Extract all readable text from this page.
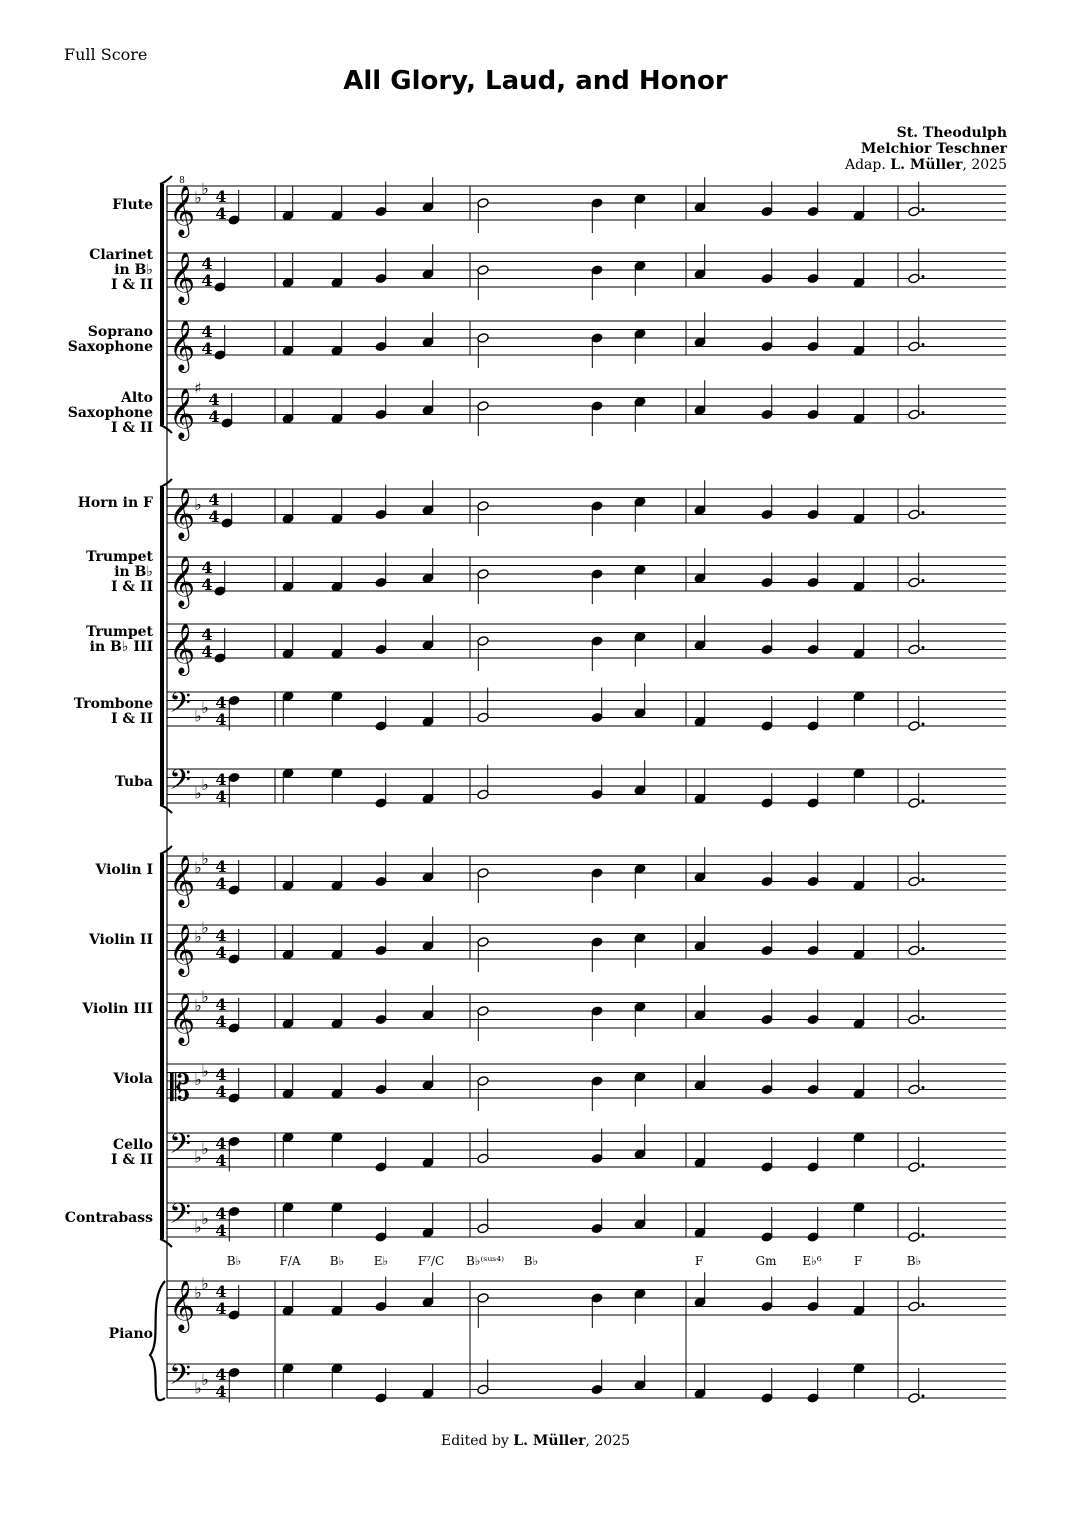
Full Score
All Glory, Laud, and Honor
St. Theodulph
Melchior Teschner
Adap. L. Müller, 2025
𝄞
8
♭ ♭ 4
4
𝄞 4
4
𝄞 4
4
𝄞 ♯
4
4
𝄞 ♭ 4
4
𝄞 4
4
𝄞 4
4
𝄢 ♭ ♭ 4
4
𝄢 ♭ ♭ 4
4
𝄞 ♭ ♭ 4
4
𝄞 ♭ ♭ 4
4
𝄞 ♭ ♭ 4
4
𝄡 ♭ ♭ 4
4
𝄢 ♭ ♭ 4
4
𝄢 ♭ ♭ 4
4
𝄞 ♭ ♭ 4
4
𝄢 ♭ ♭ 4
4
Flute
Clarinet
in B♭
I & II
Soprano
Saxophone
Alto
Saxophone
I & II
Horn in F
Trumpet
in B♭
I & II
Trumpet
in B♭ III
Trombone
I & II
Tuba
Violin I
Violin II
Violin III
Viola
Cello
I & II
Contrabass
Piano
B♭	F/A B♭ E♭ F⁷/C B♭⁽ˢᵘˢ⁴⁾ B♭	F	Gm E♭⁶	F	B♭
Edited by L. Müller, 2025
